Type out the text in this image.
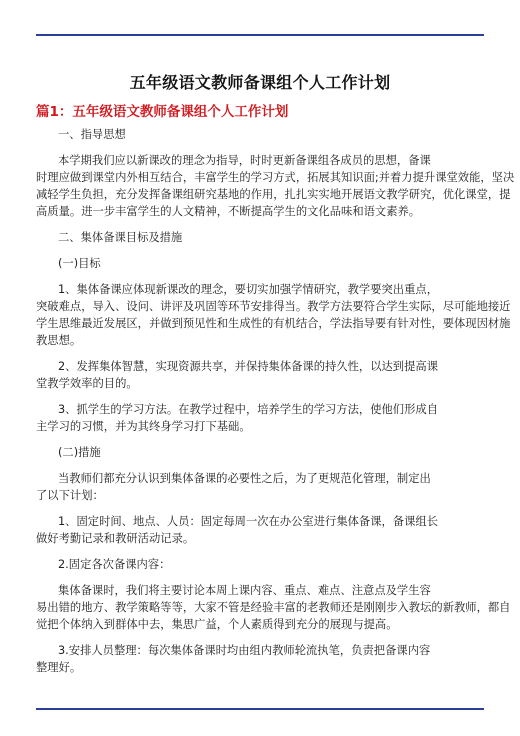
五年级语文教师备课组个人工作计划
篇1：五年级语文教师备课组个人工作计划
一、指导思想
本学期我们应以新课改的理念为指导，时时更新备课组各成员的思想，备课
时理应做到课堂内外相互结合，丰富学生的学习方式，拓展其知识面;并着力提升课堂效能，坚决
减轻学生负担，充分发挥备课组研究基地的作用，扎扎实实地开展语文教学研究，优化课堂，提
高质量。进一步丰富学生的人文精神，不断提高学生的文化品味和语文素养。
二、集体备课目标及措施
(一)目标
1、集体备课应体现新课改的理念，要切实加强学情研究，教学要突出重点，
突破难点，导入、设问、讲评及巩固等环节安排得当。教学方法要符合学生实际，尽可能地接近
学生思维最近发展区，并做到预见性和生成性的有机结合，学法指导要有针对性，要体现因材施
教思想。
2、发挥集体智慧，实现资源共享，并保持集体备课的持久性，以达到提高课
堂教学效率的目的。
3、抓学生的学习方法。在教学过程中，培养学生的学习方法，使他们形成自
主学习的习惯，并为其终身学习打下基础。
(二)措施
当教师们都充分认识到集体备课的必要性之后，为了更规范化管理，制定出
了以下计划：
1、固定时间、地点、人员：固定每周一次在办公室进行集体备课，备课组长
做好考勤记录和教研活动记录。
2.固定各次备课内容：
集体备课时，我们将主要讨论本周上课内容、重点、难点、注意点及学生容
易出错的地方、教学策略等等，大家不管是经验丰富的老教师还是刚刚步入教坛的新教师，都自
觉把个体纳入到群体中去，集思广益，个人素质得到充分的展现与提高。
3.安排人员整理：每次集体备课时均由组内教师轮流执笔，负责把备课内容
整理好。
